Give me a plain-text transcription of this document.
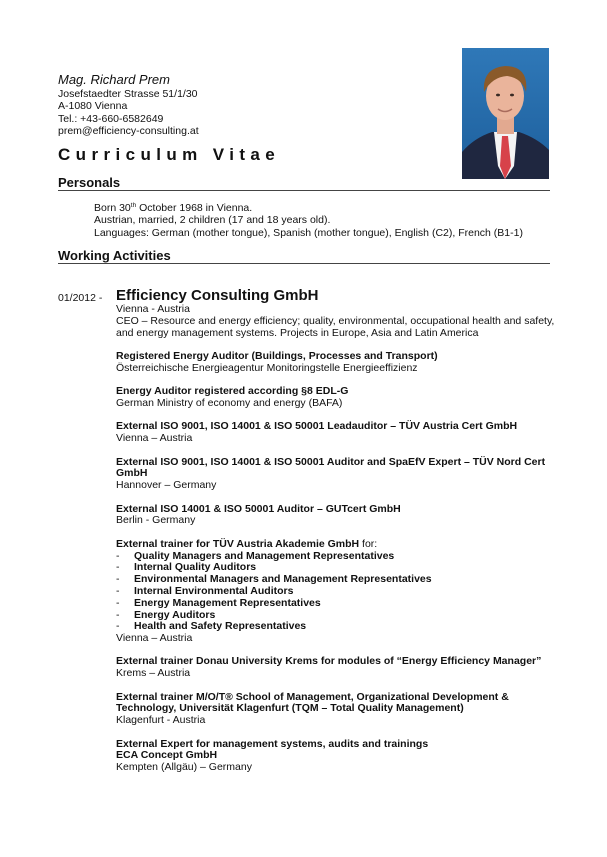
Mag. Richard Prem
Josefstaedter Strasse 51/1/30
A-1080 Vienna
Tel.: +43-660-6582649
prem@efficiency-consulting.at
Curriculum Vitae
Personals
Born 30th October 1968 in Vienna.
Austrian, married, 2 children (17 and 18 years old).
Languages: German (mother tongue), Spanish (mother tongue), English (C2), French (B1-1)
Working Activities
01/2012 - Efficiency Consulting GmbH
Vienna - Austria
CEO – Resource and energy efficiency; quality, environmental, occupational health and safety,
and energy management systems. Projects in Europe, Asia and Latin America
Registered Energy Auditor (Buildings, Processes and Transport)
Österreichische Energieagentur Monitoringstelle Energieeffizienz
Energy Auditor registered according §8 EDL-G
German Ministry of economy and energy (BAFA)
External ISO 9001, ISO 14001 & ISO 50001 Leadauditor – TÜV Austria Cert GmbH
Vienna – Austria
External ISO 9001, ISO 14001 & ISO 50001 Auditor and SpaEfV Expert – TÜV Nord Cert
GmbH
Hannover – Germany
External ISO 14001 & ISO 50001 Auditor – GUTcert GmbH
Berlin - Germany
External trainer for TÜV Austria Akademie GmbH for:
- Quality Managers and Management Representatives
- Internal Quality Auditors
- Environmental Managers and Management Representatives
- Internal Environmental Auditors
- Energy Management Representatives
- Energy Auditors
- Health and Safety Representatives
Vienna – Austria
External trainer Donau University Krems for modules of “Energy Efficiency Manager”
Krems – Austria
External trainer M/O/T® School of Management, Organizational Development &
Technology, Universität Klagenfurt (TQM – Total Quality Management)
Klagenfurt - Austria
External Expert for management systems, audits and trainings
ECA Concept GmbH
Kempten (Allgäu) – Germany
